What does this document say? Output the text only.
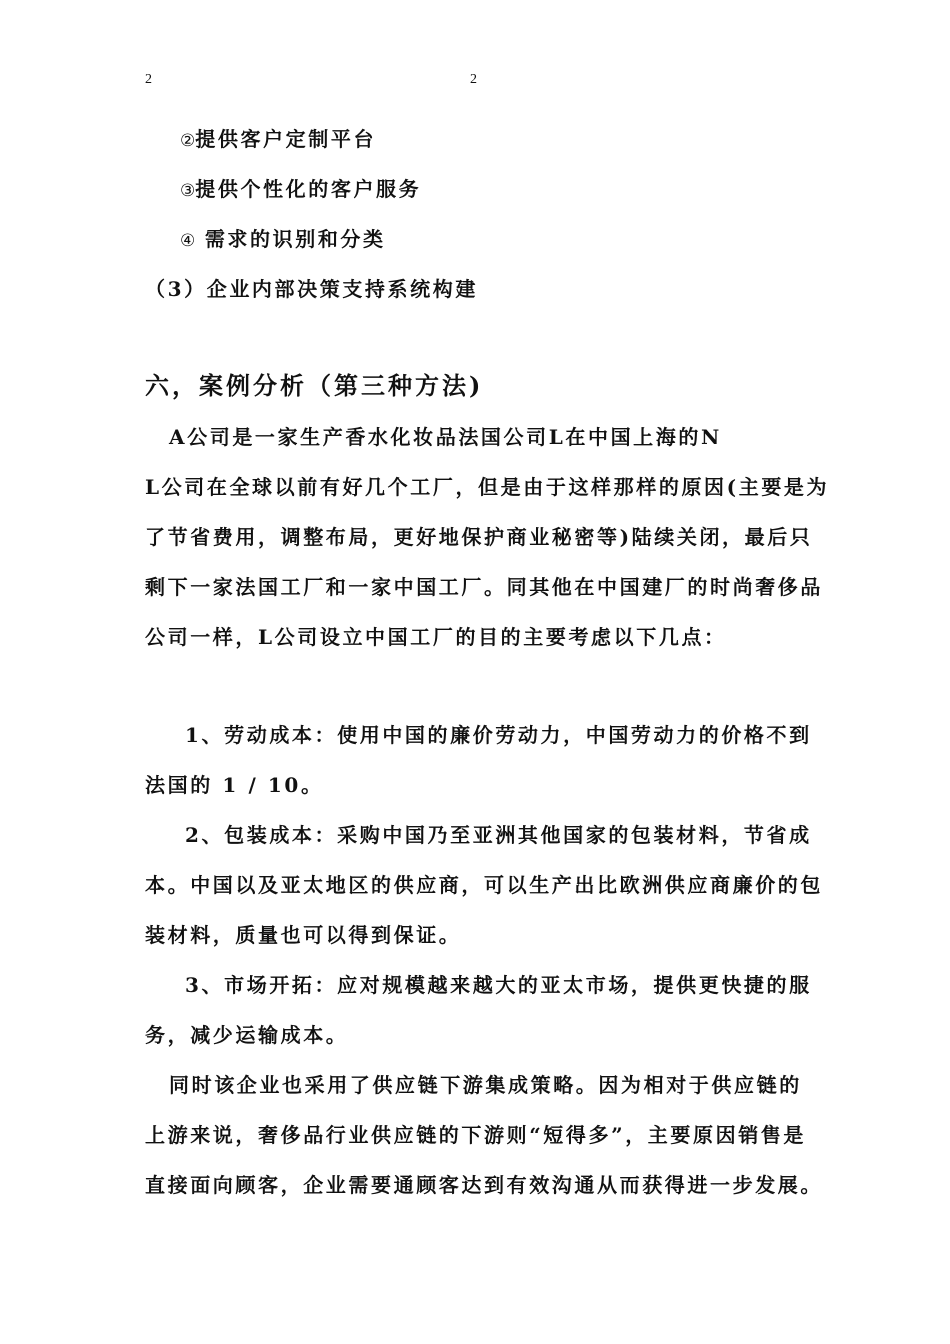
2	2
②提供客户定制平台
③提供个性化的客户服务
④ 需求的识别和分类
（3）企业内部决策支持系统构建
六，案例分析（第三种方法)
A公司是一家生产香水化妆品法国公司L在中国上海的N
L公司在全球以前有好几个工厂，但是由于这样那样的原因(主要是为
了节省费用，调整布局，更好地保护商业秘密等)陆续关闭，最后只
剩下一家法国工厂和一家中国工厂。同其他在中国建厂的时尚奢侈品
公司一样，L公司设立中国工厂的目的主要考虑以下几点：
1、劳动成本：使用中国的廉价劳动力，中国劳动力的价格不到
法国的 1 / 10。
2、包装成本：采购中国乃至亚洲其他国家的包装材料，节省成
本。中国以及亚太地区的供应商，可以生产出比欧洲供应商廉价的包
装材料，质量也可以得到保证。
3、市场开拓：应对规模越来越大的亚太市场，提供更快捷的服
务，减少运输成本。
同时该企业也采用了供应链下游集成策略。因为相对于供应链的
上游来说，奢侈品行业供应链的下游则“短得多”，主要原因销售是
直接面向顾客，企业需要通顾客达到有效沟通从而获得进一步发展。
